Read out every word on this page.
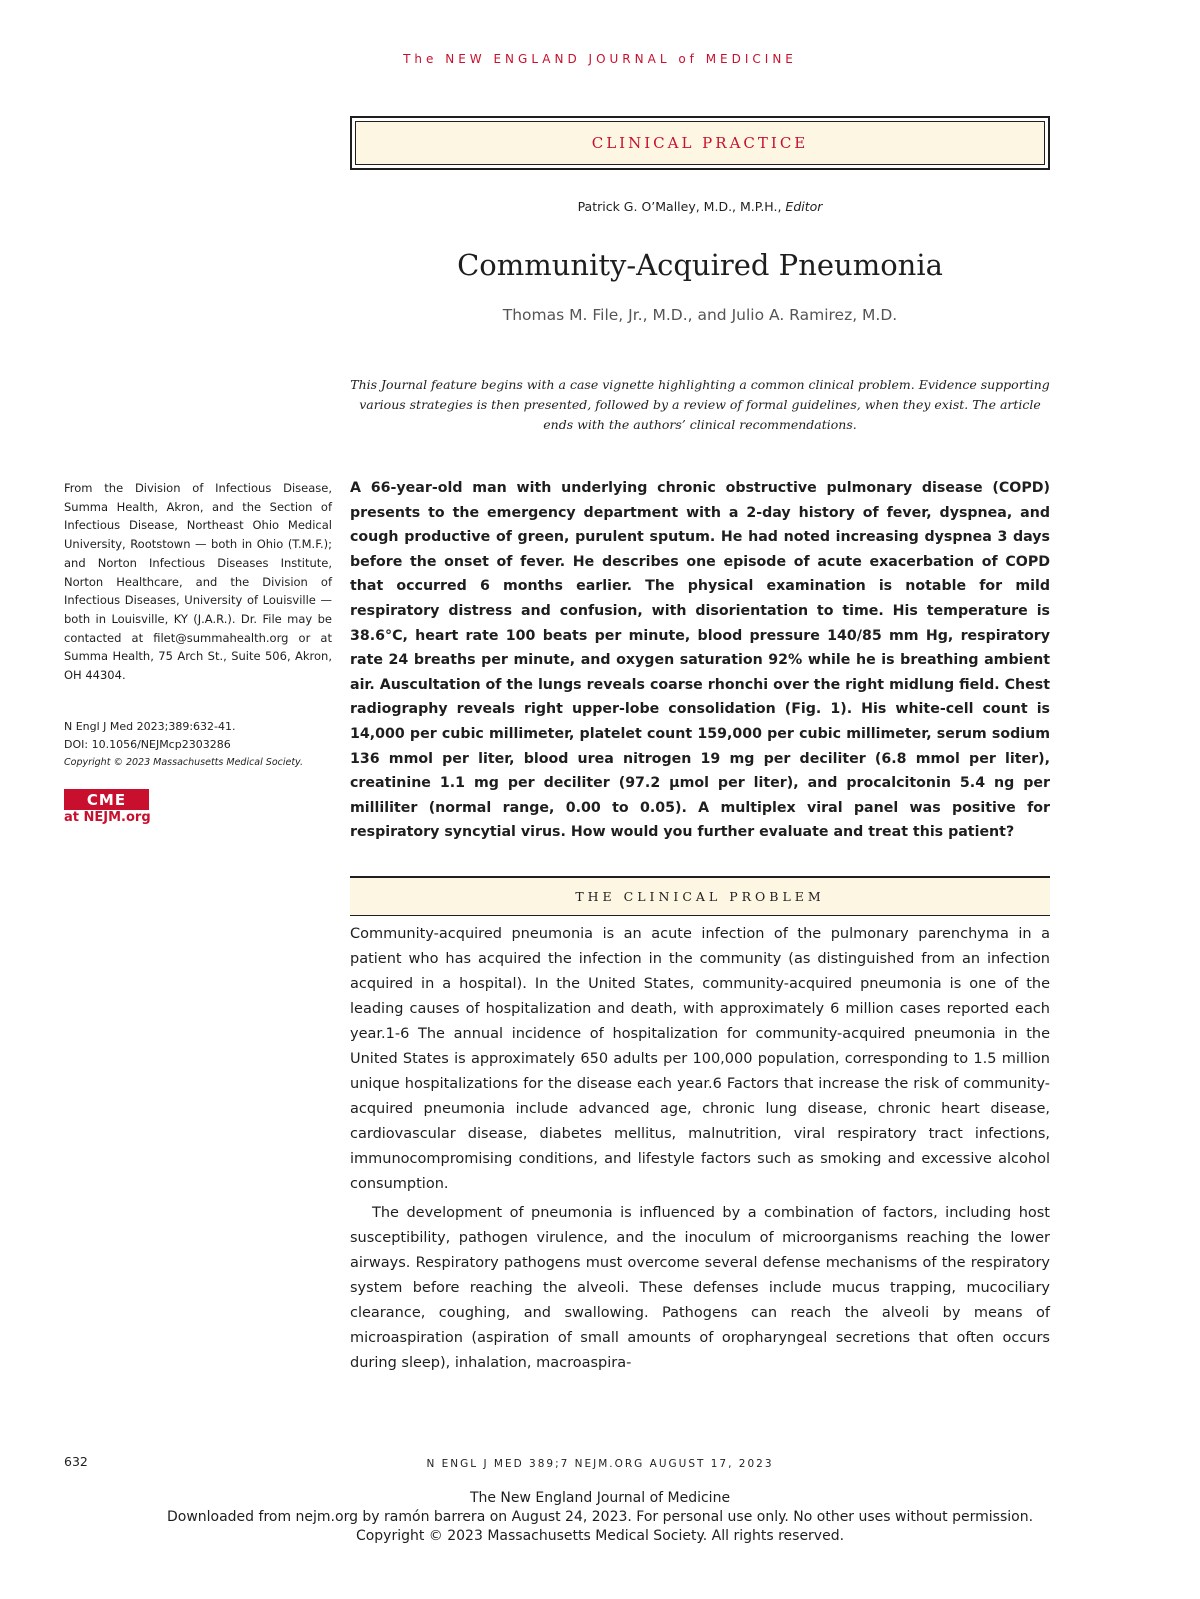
The NEW ENGLAND JOURNAL of MEDICINE
CLINICAL PRACTICE
Patrick G. O’Malley, M.D., M.P.H., Editor
Community-Acquired Pneumonia
Thomas M. File, Jr., M.D., and Julio A. Ramirez, M.D.
This Journal feature begins with a case vignette highlighting a common clinical problem. Evidence supporting various strategies is then presented, followed by a review of formal guidelines, when they exist. The article ends with the authors’ clinical recommendations.
From the Division of Infectious Disease, Summa Health, Akron, and the Section of Infectious Disease, Northeast Ohio Medical University, Rootstown — both in Ohio (T.M.F.); and Norton Infectious Diseases Institute, Norton Healthcare, and the Division of Infectious Diseases, University of Louisville — both in Louisville, KY (J.A.R.). Dr. File may be contacted at filet@summahealth.org or at Summa Health, 75 Arch St., Suite 506, Akron, OH 44304.
N Engl J Med 2023;389:632-41.
DOI: 10.1056/NEJMcp2303286
Copyright © 2023 Massachusetts Medical Society.
CME
at NEJM.org
A 66-year-old man with underlying chronic obstructive pulmonary disease (COPD) presents to the emergency department with a 2-day history of fever, dyspnea, and cough productive of green, purulent sputum. He had noted increasing dyspnea 3 days before the onset of fever. He describes one episode of acute exacerbation of COPD that occurred 6 months earlier. The physical examination is notable for mild respiratory distress and confusion, with disorientation to time. His temperature is 38.6°C, heart rate 100 beats per minute, blood pressure 140/85 mm Hg, respiratory rate 24 breaths per minute, and oxygen saturation 92% while he is breathing ambient air. Auscultation of the lungs reveals coarse rhonchi over the right midlung field. Chest radiography reveals right upper-lobe consolidation (Fig. 1). His white-cell count is 14,000 per cubic millimeter, platelet count 159,000 per cubic millimeter, serum sodium 136 mmol per liter, blood urea nitrogen 19 mg per deciliter (6.8 mmol per liter), creatinine 1.1 mg per deciliter (97.2 μmol per liter), and procalcitonin 5.4 ng per milliliter (normal range, 0.00 to 0.05). A multiplex viral panel was positive for respiratory syncytial virus. How would you further evaluate and treat this patient?
THE CLINICAL PROBLEM

Community-acquired pneumonia is an acute infection of the pulmonary parenchyma in a patient who has acquired the infection in the community (as distinguished from an infection acquired in a hospital). In the United States, community-acquired pneumonia is one of the leading causes of hospitalization and death, with approximately 6 million cases reported each year.1-6 The annual incidence of hospitalization for community-acquired pneumonia in the United States is approximately 650 adults per 100,000 population, corresponding to 1.5 million unique hospitalizations for the disease each year.6 Factors that increase the risk of community-acquired pneumonia include advanced age, chronic lung disease, chronic heart disease, cardiovascular disease, diabetes mellitus, malnutrition, viral respiratory tract infections, immunocompromising conditions, and lifestyle factors such as smoking and excessive alcohol consumption.

The development of pneumonia is influenced by a combination of factors, including host susceptibility, pathogen virulence, and the inoculum of microorganisms reaching the lower airways. Respiratory pathogens must overcome several defense mechanisms of the respiratory system before reaching the alveoli. These defenses include mucus trapping, mucociliary clearance, coughing, and swallowing. Pathogens can reach the alveoli by means of microaspiration (aspiration of small amounts of oropharyngeal secretions that often occurs during sleep), inhalation, macroaspira-

632	N ENGL J MED 389;7 NEJM.ORG AUGUST 17, 2023
The New England Journal of Medicine
Downloaded from nejm.org by ramón barrera on August 24, 2023. For personal use only. No other uses without permission.
Copyright © 2023 Massachusetts Medical Society. All rights reserved.
